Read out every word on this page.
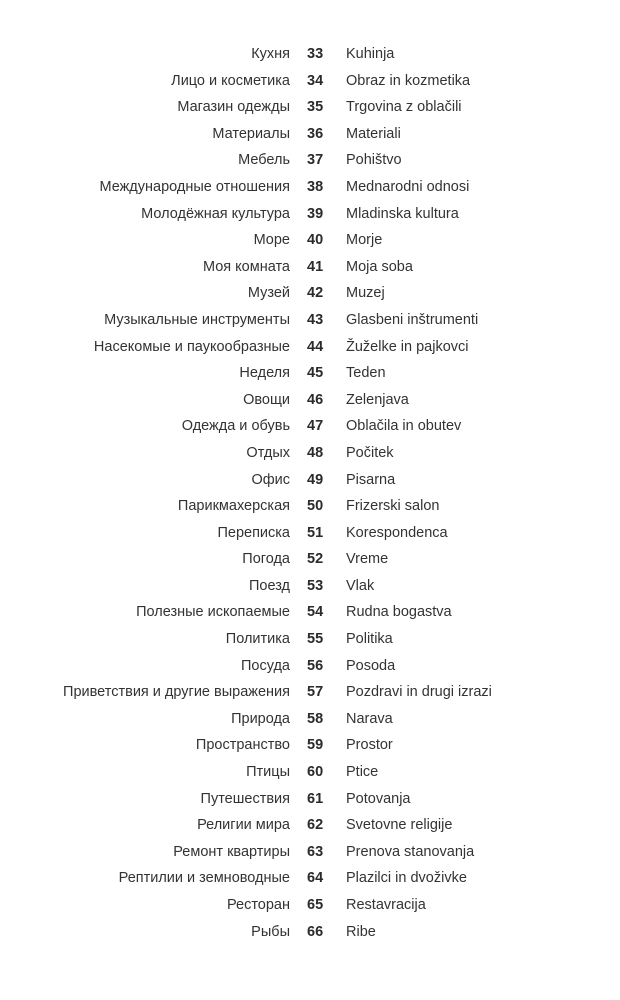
Кухня 33	Kuhinja
Лицо и косметика 34	Obraz in kozmetika
Магазин одежды 35	Trgovina z oblačili
Материалы 36	Materiali
Мебель 37	Pohištvo
Международные отношения 38	Mednarodni odnosi
Молодёжная культура 39	Mladinska kultura
Море 40	Morje
Моя комната 41	Moja soba
Музей 42	Muzej
Музыкальные инструменты 43	Glasbeni inštrumenti
Насекомые и паукообразные 44	Žuželke in pajkovci
Неделя 45	Teden
Овощи 46	Zelenjava
Одежда и обувь 47	Oblačila in obutev
Отдых 48	Počitek
Офис 49	Pisarna
Парикмахерская 50	Frizerski salon
Переписка 51	Korespondenca
Погода 52	Vreme
Поезд 53	Vlak
Полезные ископаемые 54	Rudna bogastva
Политика 55	Politika
Посуда 56	Posoda
Приветствия и другие выражения 57	Pozdravi in drugi izrazi
Природа 58	Narava
Пространство 59	Prostor
Птицы 60	Ptice
Путешествия 61	Potovanja
Религии мира 62	Svetovne religije
Ремонт квартиры 63	Prenova stanovanja
Рептилии и земноводные 64	Plazilci in dvoživke
Ресторан 65	Restavracija
Рыбы 66	Ribe
